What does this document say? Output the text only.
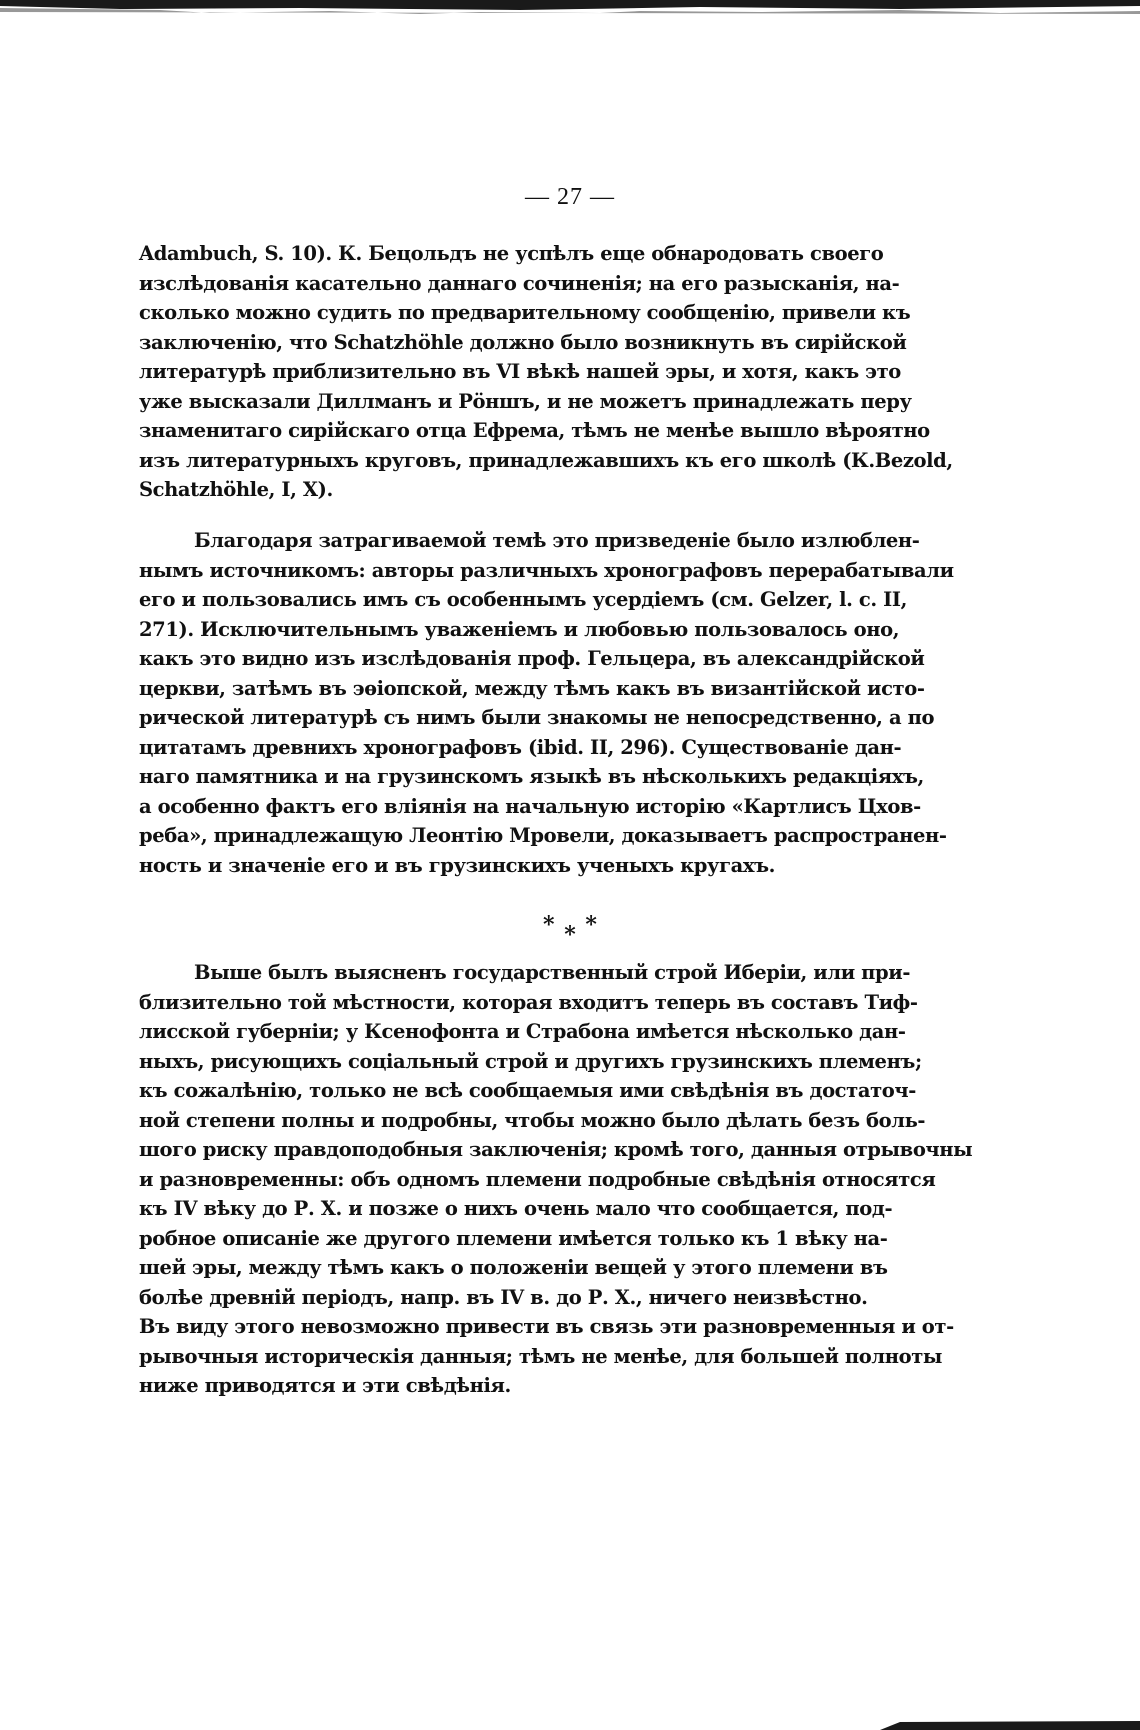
— 27 —
Adambuch, S. 10). К. Бецольдъ не успѣлъ еще обнародовать своего
изслѣдованія касательно даннаго сочиненія; на его разысканія, на-
сколько можно судить по предварительному сообщенію, привели къ
заключенію, что Schatzhöhle должно было возникнуть въ сирійской
литературѣ приблизительно въ VI вѣкѣ нашей эры, и хотя, какъ это
уже высказали Диллманъ и Рöншъ, и не можетъ принадлежать перу
знаменитаго сирійскаго отца Ефрема, тѣмъ не менѣе вышло вѣроятно
изъ литературныхъ круговъ, принадлежавшихъ къ его школѣ (К.Bezold,
Schatzhöhle, I, X).
Благодаря затрагиваемой темѣ это призведеніе было излюблен-
нымъ источникомъ: авторы различныхъ хронографовъ перерабатывали
его и пользовались имъ съ особеннымъ усердіемъ (см. Gelzer, l. c. II,
271). Исключительнымъ уваженіемъ и любовью пользовалось оно,
какъ это видно изъ изслѣдованія проф. Гельцера, въ александрійской
церкви, затѣмъ въ эѳіопской, между тѣмъ какъ въ византійской исто-
рической литературѣ съ нимъ были знакомы не непосредственно, а по
цитатамъ древнихъ хронографовъ (ibid. II, 296). Существованіе дан-
наго памятника и на грузинскомъ языкѣ въ нѣсколькихъ редакціяхъ,
а особенно фактъ его вліянія на начальную исторію «Картлисъ Цхов-
реба», принадлежащую Леонтію Мровели, доказываетъ распространен-
ность и значеніе его и въ грузинскихъ ученыхъ кругахъ.
* * *
Выше былъ выясненъ государственный строй Иберіи, или при-
близительно той мѣстности, которая входитъ теперь въ составъ Тиф-
лисской губерніи; у Ксенофонта и Страбона имѣется нѣсколько дан-
ныхъ, рисующихъ соціальный строй и другихъ грузинскихъ племенъ;
къ сожалѣнію, только не всѣ сообщаемыя ими свѣдѣнія въ достаточ-
ной степени полны и подробны, чтобы можно было дѣлать безъ боль-
шого риску правдоподобныя заключенія; кромѣ того, данныя отрывочны
и разновременны: объ одномъ племени подробные свѣдѣнія относятся
къ IV вѣку до Р. Х. и позже о нихъ очень мало что сообщается, под-
робное описаніе же другого племени имѣется только къ 1 вѣку на-
шей эры, между тѣмъ какъ о положеніи вещей у этого племени въ
болѣе древній періодъ, напр. въ IV в. до Р. Х., ничего неизвѣстно.
Въ виду этого невозможно привести въ связь эти разновременныя и от-
рывочныя историческія данныя; тѣмъ не менѣе, для большей полноты
ниже приводятся и эти свѣдѣнія.
